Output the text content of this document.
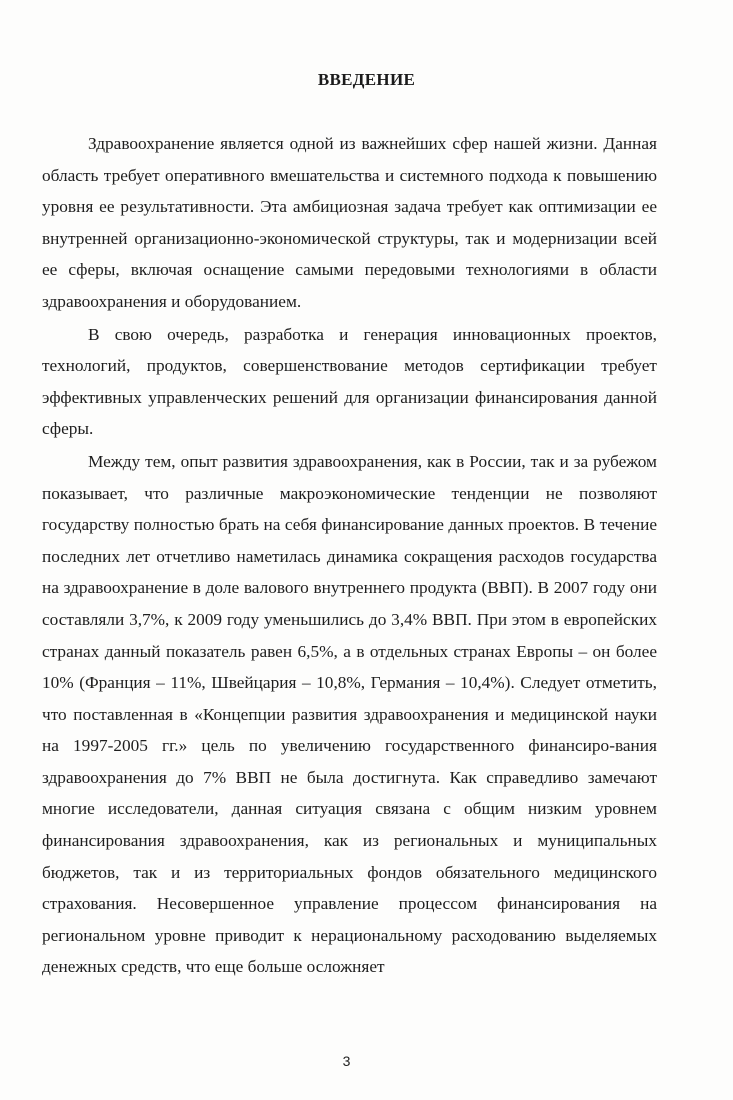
ВВЕДЕНИЕ

Здравоохранение является одной из важнейших сфер нашей жизни. Данная область требует оперативного вмешательства и системного подхода к повышению уровня ее результативности. Эта амбициозная задача требует как оптимизации ее внутренней организационно-экономической структуры, так и модернизации всей ее сферы, включая оснащение самыми передовыми технологиями в области здравоохранения и оборудованием.

В свою очередь, разработка и генерация инновационных проектов, технологий, продуктов, совершенствование методов сертификации требует эффективных управленческих решений для организации финансирования данной сферы.

Между тем, опыт развития здравоохранения, как в России, так и за рубежом показывает, что различные макроэкономические тенденции не позволяют государству полностью брать на себя финансирование данных проектов. В течение последних лет отчетливо наметилась динамика сокращения расходов государства на здравоохранение в доле валового внутреннего продукта (ВВП). В 2007 году они составляли 3,7%, к 2009 году уменьшились до 3,4% ВВП. При этом в европейских странах данный показатель равен 6,5%, а в отдельных странах Европы – он более 10% (Франция – 11%, Швейцария – 10,8%, Германия – 10,4%). Следует отметить, что поставленная в «Концепции развития здравоохранения и медицинской науки на 1997-2005 гг.» цель по увеличению государственного финансиро-вания здравоохранения до 7% ВВП не была достигнута. Как справедливо замечают многие исследователи, данная ситуация связана с общим низким уровнем финансирования здравоохранения, как из региональных и муниципальных бюджетов, так и из территориальных фондов обязательного медицинского страхования. Несовершенное управление процессом финансирования на региональном уровне приводит к нерациональному расходованию выделяемых денежных средств, что еще больше осложняет

3
